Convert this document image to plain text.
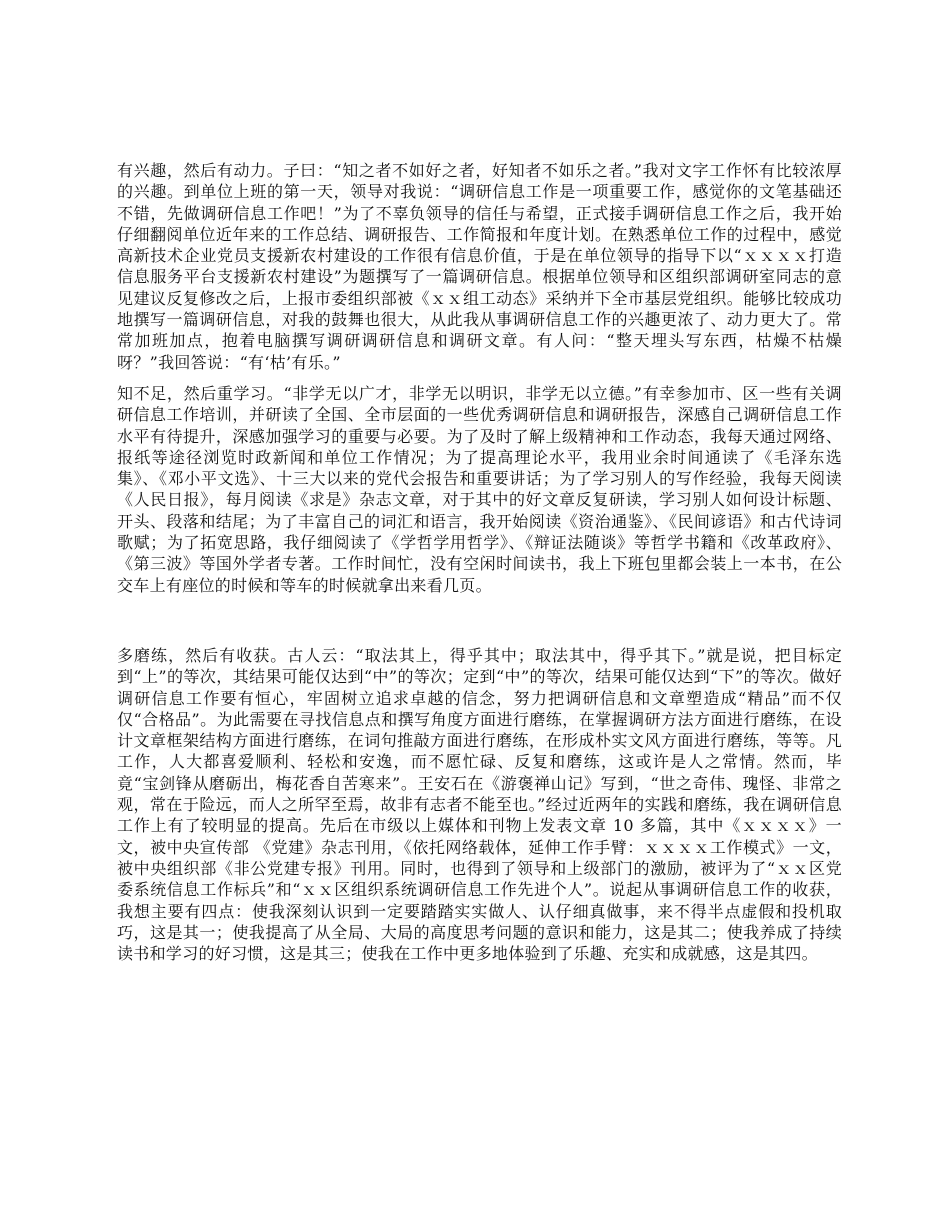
有兴趣，然后有动力。子曰：“知之者不如好之者，好知者不如乐之者。”我对文字工作怀有比较浓厚的兴趣。到单位上班的第一天，领导对我说：“调研信息工作是一项重要工作，感觉你的文笔基础还不错，先做调研信息工作吧！”为了不辜负领导的信任与希望，正式接手调研信息工作之后，我开始仔细翻阅单位近年来的工作总结、调研报告、工作简报和年度计划。在熟悉单位工作的过程中，感觉高新技术企业党员支援新农村建设的工作很有信息价值，于是在单位领导的指导下以“ｘｘｘｘ打造信息服务平台支援新农村建设”为题撰写了一篇调研信息。根据单位领导和区组织部调研室同志的意见建议反复修改之后，上报市委组织部被《ｘｘ组工动态》采纳并下全市基层党组织。能够比较成功地撰写一篇调研信息，对我的鼓舞也很大，从此我从事调研信息工作的兴趣更浓了、动力更大了。常常加班加点，抱着电脑撰写调研调研信息和调研文章。有人问：“整天埋头写东西，枯燥不枯燥呀？”我回答说：“有‘枯’有乐。”

知不足，然后重学习。“非学无以广才，非学无以明识，非学无以立德。”有幸参加市、区一些有关调研信息工作培训，并研读了全国、全市层面的一些优秀调研信息和调研报告，深感自己调研信息工作水平有待提升，深感加强学习的重要与必要。为了及时了解上级精神和工作动态，我每天通过网络、报纸等途径浏览时政新闻和单位工作情况；为了提高理论水平，我用业余时间通读了《毛泽东选集》、《邓小平文选》、十三大以来的党代会报告和重要讲话；为了学习别人的写作经验，我每天阅读《人民日报》，每月阅读《求是》杂志文章，对于其中的好文章反复研读，学习别人如何设计标题、开头、段落和结尾；为了丰富自己的词汇和语言，我开始阅读《资治通鉴》、《民间谚语》和古代诗词歌赋；为了拓宽思路，我仔细阅读了《学哲学用哲学》、《辩证法随谈》等哲学书籍和《改革政府》、《第三波》等国外学者专著。工作时间忙，没有空闲时间读书，我上下班包里都会装上一本书，在公交车上有座位的时候和等车的时候就拿出来看几页。

多磨练，然后有收获。古人云：“取法其上，得乎其中；取法其中，得乎其下。”就是说，把目标定到“上”的等次，其结果可能仅达到“中”的等次；定到“中”的等次，结果可能仅达到“下”的等次。做好调研信息工作要有恒心，牢固树立追求卓越的信念，努力把调研信息和文章塑造成“精品”而不仅仅“合格品”。为此需要在寻找信息点和撰写角度方面进行磨练，在掌握调研方法方面进行磨练，在设计文章框架结构方面进行磨练，在词句推敲方面进行磨练，在形成朴实文风方面进行磨练，等等。凡工作，人大都喜爱顺利、轻松和安逸，而不愿忙碌、反复和磨练，这或许是人之常情。然而，毕竟“宝剑锋从磨砺出，梅花香自苦寒来”。王安石在《游褒禅山记》写到，“世之奇伟、瑰怪、非常之观，常在于险远，而人之所罕至焉，故非有志者不能至也。”经过近两年的实践和磨练，我在调研信息工作上有了较明显的提高。先后在市级以上媒体和刊物上发表文章 10 多篇，其中《ｘｘｘｘ》一文，被中央宣传部 《党建》杂志刊用，《依托网络载体，延伸工作手臂：ｘｘｘｘ工作模式》一文，被中央组织部《非公党建专报》刊用。同时，也得到了领导和上级部门的激励，被评为了“ｘｘ区党委系统信息工作标兵”和“ｘｘ区组织系统调研信息工作先进个人”。说起从事调研信息工作的收获，我想主要有四点：使我深刻认识到一定要踏踏实实做人、认仔细真做事，来不得半点虚假和投机取巧，这是其一；使我提高了从全局、大局的高度思考问题的意识和能力，这是其二；使我养成了持续读书和学习的好习惯，这是其三；使我在工作中更多地体验到了乐趣、充实和成就感，这是其四。
